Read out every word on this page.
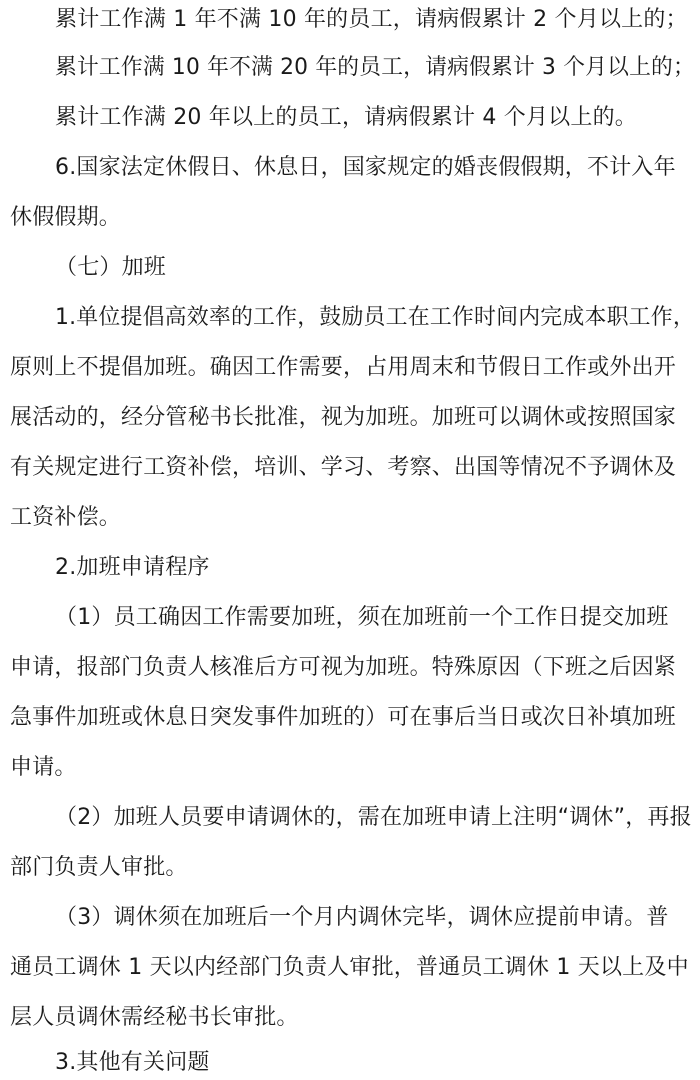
累计工作满 1 年不满 10 年的员工，请病假累计 2 个月以上的；
累计工作满 10 年不满 20 年的员工，请病假累计 3 个月以上的；
累计工作满 20 年以上的员工，请病假累计 4 个月以上的。
6.国家法定休假日、休息日，国家规定的婚丧假假期，不计入年
休假假期。
（七）加班
1.单位提倡高效率的工作，鼓励员工在工作时间内完成本职工作，
原则上不提倡加班。确因工作需要，占用周末和节假日工作或外出开
展活动的，经分管秘书长批准，视为加班。加班可以调休或按照国家
有关规定进行工资补偿，培训、学习、考察、出国等情况不予调休及
工资补偿。
2.加班申请程序
（1）员工确因工作需要加班，须在加班前一个工作日提交加班
申请，报部门负责人核准后方可视为加班。特殊原因（下班之后因紧
急事件加班或休息日突发事件加班的）可在事后当日或次日补填加班
申请。
（2）加班人员要申请调休的，需在加班申请上注明“调休”，再报
部门负责人审批。
（3）调休须在加班后一个月内调休完毕，调休应提前申请。普
通员工调休 1 天以内经部门负责人审批，普通员工调休 1 天以上及中
层人员调休需经秘书长审批。
3.其他有关问题
